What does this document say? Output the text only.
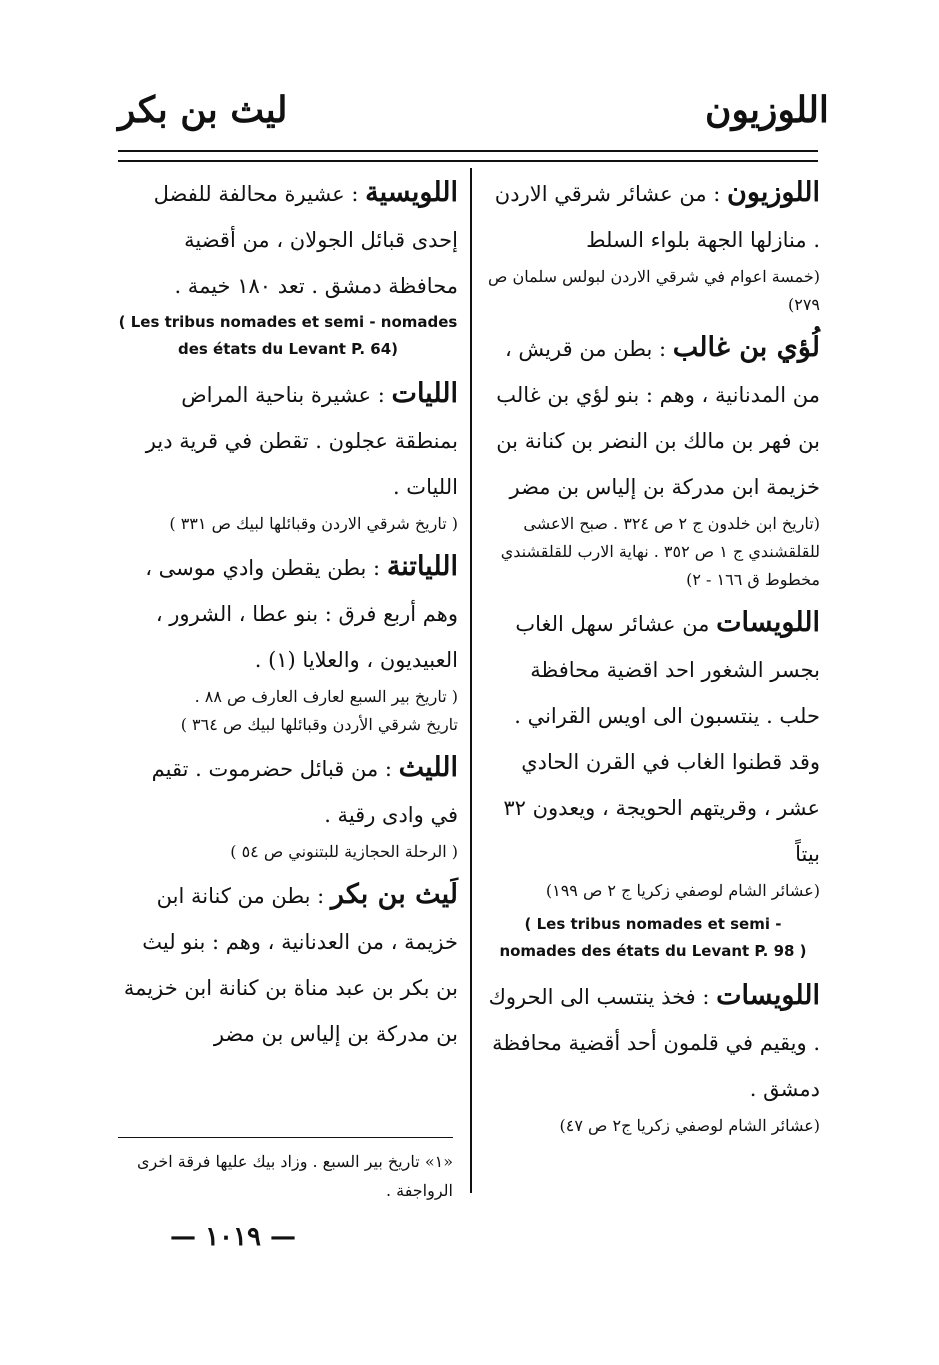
اللوزيون
ليث بن بكر
اللوزيون : من عشائر شرقي الاردن . منازلها الجهة بلواء السلط
(خمسة اعوام في شرقي الاردن لبولس سلمان ص ٢٧٩)
لُؤي بن غالب : بطن من قريش ، من المدنانية ، وهم : بنو لؤي بن غالب بن فهر بن مالك بن النضر بن كنانة بن خزيمة ابن مدركة بن إلياس بن مضر
(تاريخ ابن خلدون ج ٢ ص ٣٢٤ . صبح الاعشى للقلقشندي ج ١ ص ٣٥٢ . نهاية الارب للقلقشندي مخطوط ق ١٦٦ - ٢)
اللويسات من عشائر سهل الغاب بجسر الشغور احد اقضية محافظة حلب . ينتسبون الى اويس القراني . وقد قطنوا الغاب في القرن الحادي عشر ، وقريتهم الحويجة ، ويعدون ٣٢ بيتاً
(عشائر الشام لوصفي زكريا ج ٢ ص ١٩٩)
( Les tribus nomades et semi - nomades des états du Levant P. 98 )
اللويسات : فخذ ينتسب الى الحروك . ويقيم في قلمون أحد أقضية محافظة دمشق .
(عشائر الشام لوصفي زكريا ج٢ ص ٤٧)
اللويسية : عشيرة محالفة للفضل إحدى قبائل الجولان ، من أقضية محافظة دمشق . تعد ١٨٠ خيمة .
( Les tribus nomades et semi - nomades des états du Levant P. 64)
الليات : عشيرة بناحية المراض بمنطقة عجلون . تقطن في قرية دير الليات .
( تاريخ شرقي الاردن وقبائلها لبيك ص ٣٣١ )
اللياتنة : بطن يقطن وادي موسى ، وهم أربع فرق : بنو عطا ، الشرور ، العبيديون ، والعلايا (١) .
( تاريخ بير السبع لعارف العارف ص ٨٨ .
تاريخ شرقي الأردن وقبائلها لبيك ص ٣٦٤ )
الليث : من قبائل حضرموت . تقيم في وادى رقية .
( الرحلة الحجازية للبتنوني ص ٥٤ )
لَيث بن بكر : بطن من كنانة ابن خزيمة ، من العدنانية ، وهم : بنو ليث بن بكر بن عبد مناة بن كنانة ابن خزيمة بن مدركة بن إلياس بن مضر
«١» تاريخ بير السبع . وزاد بيك عليها فرقة اخرى الرواجفة .
— ١٠١٩ —
